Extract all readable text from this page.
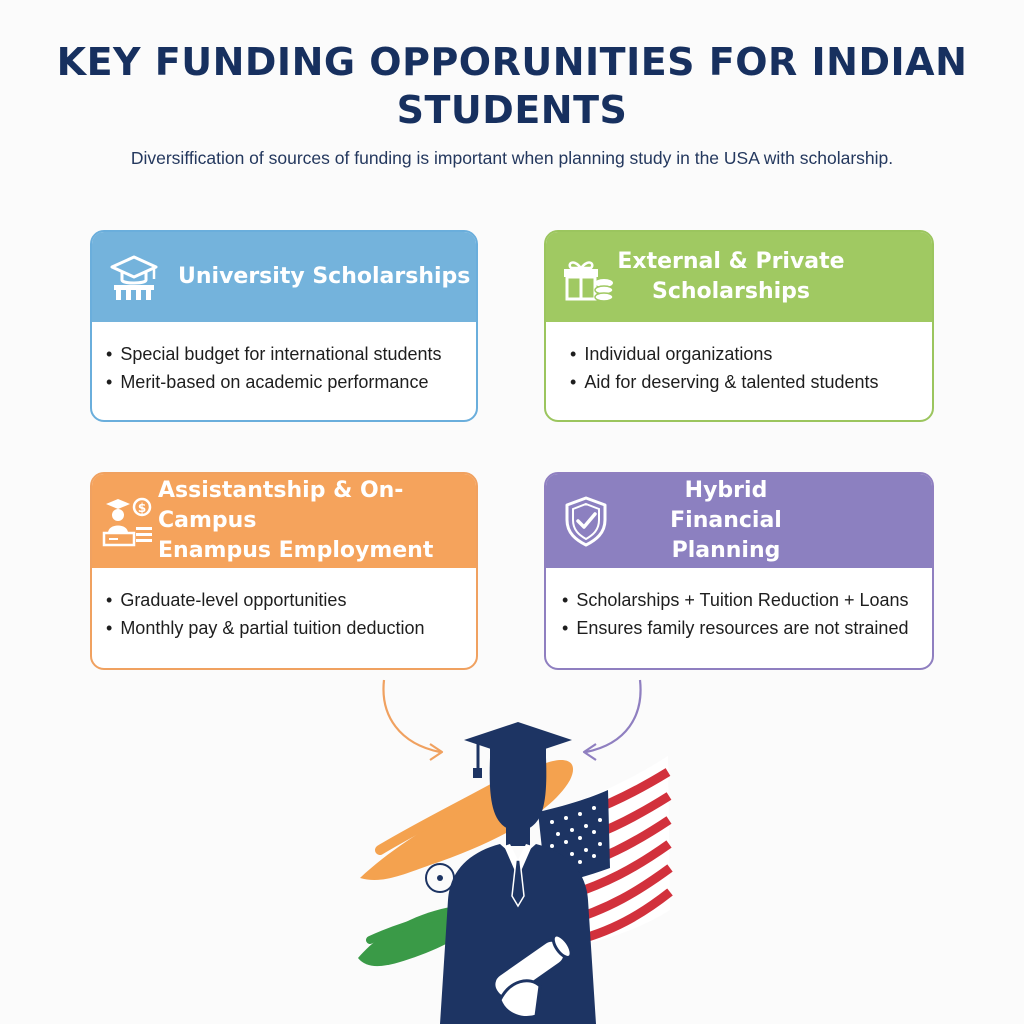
KEY FUNDING OPPORUNITIES FOR INDIAN STUDENTS

Diversiffication of sources of funding is important when planning study in the USA with scholarship.

University Scholarships
• Special budget for international students
• Merit-based on academic performance
External & Private Scholarships
• Individual organizations
• Aid for deserving & talented students
$
Assistantship & On-Campus
Enampus Employment
• Graduate-level opportunities
• Monthly pay & partial tuition deduction
Hybrid Financial Planning
• Scholarships + Tuition Reduction + Loans
• Ensures family resources are not strained
